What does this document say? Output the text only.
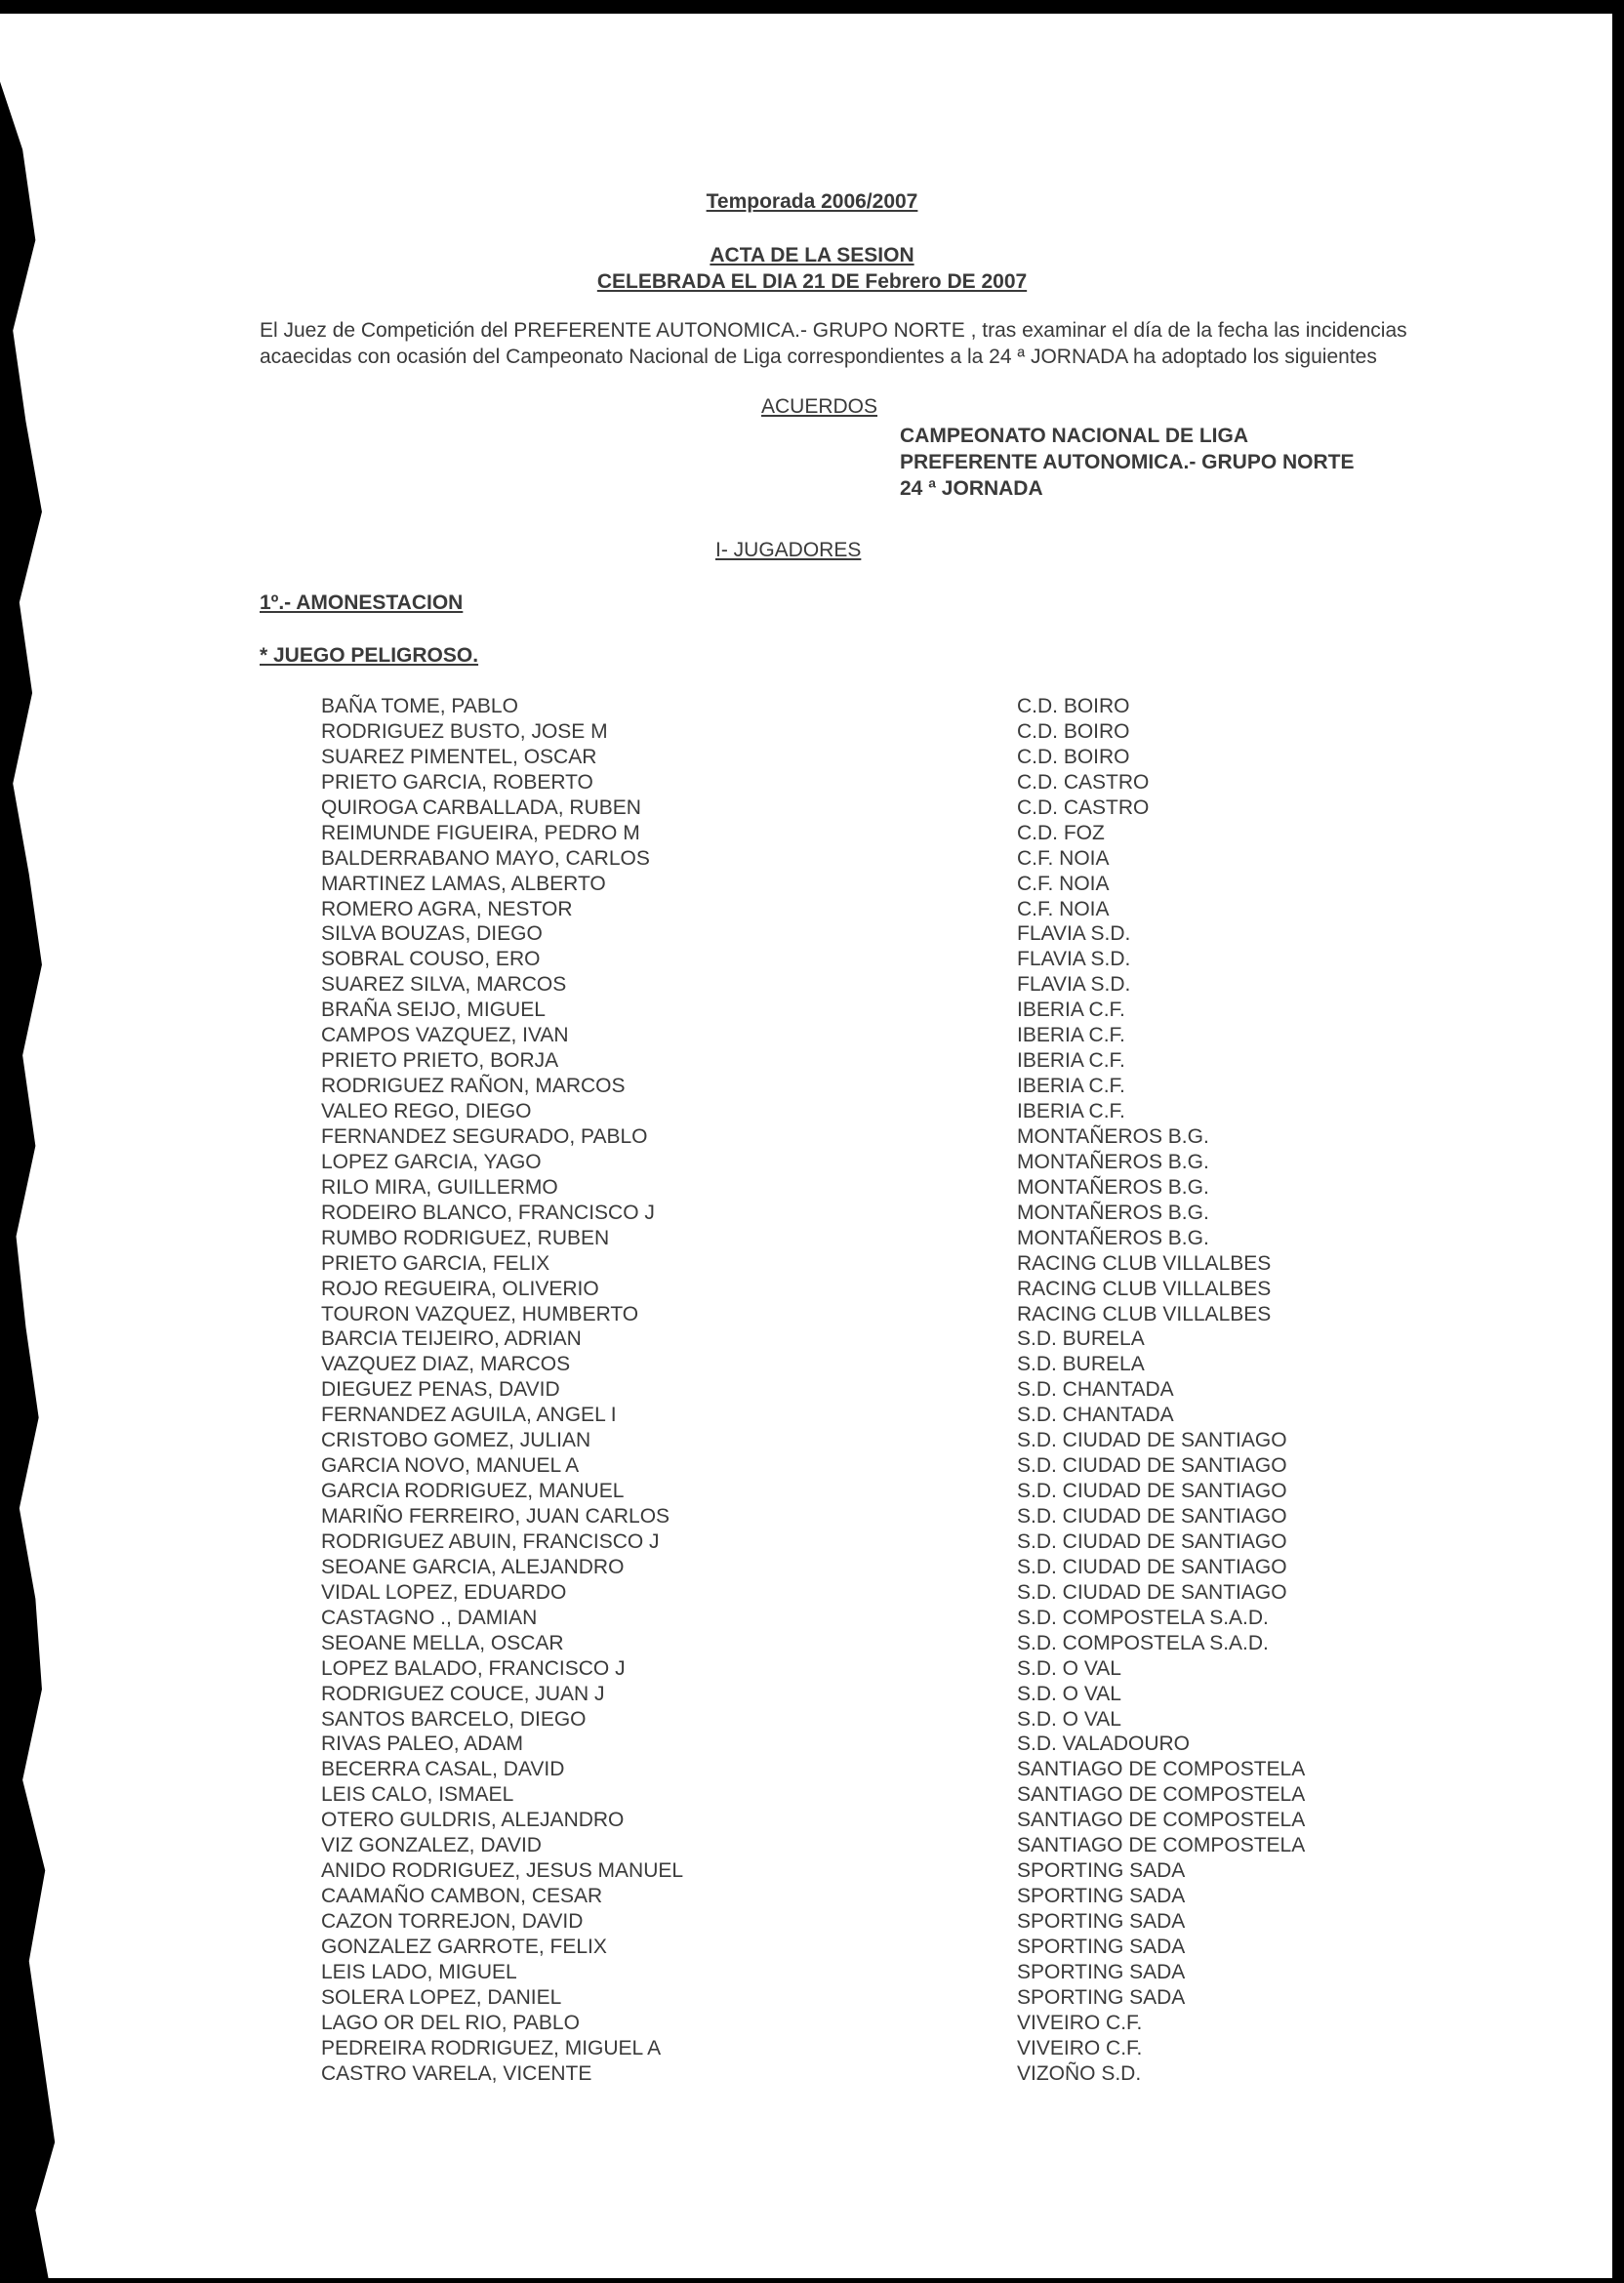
Temporada 2006/2007
ACTA DE LA SESION
CELEBRADA EL DIA 21 DE Febrero DE 2007
El Juez de Competición del PREFERENTE AUTONOMICA.- GRUPO NORTE , tras examinar el día de la fecha las incidencias
acaecidas con ocasión del Campeonato Nacional de Liga correspondientes a la 24 ª JORNADA ha adoptado los siguientes
ACUERDOS
CAMPEONATO NACIONAL DE LIGA
PREFERENTE AUTONOMICA.- GRUPO NORTE
24 ª JORNADA
I- JUGADORES
1º.- AMONESTACION
* JUEGO PELIGROSO.
BAÑA TOME, PABLO	C.D. BOIRO
RODRIGUEZ BUSTO, JOSE M	C.D. BOIRO
SUAREZ PIMENTEL, OSCAR	C.D. BOIRO
PRIETO GARCIA, ROBERTO	C.D. CASTRO
QUIROGA CARBALLADA, RUBEN	C.D. CASTRO
REIMUNDE FIGUEIRA, PEDRO M	C.D. FOZ
BALDERRABANO MAYO, CARLOS	C.F. NOIA
MARTINEZ LAMAS, ALBERTO	C.F. NOIA
ROMERO AGRA, NESTOR	C.F. NOIA
SILVA BOUZAS, DIEGO	FLAVIA S.D.
SOBRAL COUSO, ERO	FLAVIA S.D.
SUAREZ SILVA, MARCOS	FLAVIA S.D.
BRAÑA SEIJO, MIGUEL	IBERIA C.F.
CAMPOS VAZQUEZ, IVAN	IBERIA C.F.
PRIETO PRIETO, BORJA	IBERIA C.F.
RODRIGUEZ RAÑON, MARCOS	IBERIA C.F.
VALEO REGO, DIEGO	IBERIA C.F.
FERNANDEZ SEGURADO, PABLO	MONTAÑEROS B.G.
LOPEZ GARCIA, YAGO	MONTAÑEROS B.G.
RILO MIRA, GUILLERMO	MONTAÑEROS B.G.
RODEIRO BLANCO, FRANCISCO J	MONTAÑEROS B.G.
RUMBO RODRIGUEZ, RUBEN	MONTAÑEROS B.G.
PRIETO GARCIA, FELIX	RACING CLUB VILLALBES
ROJO REGUEIRA, OLIVERIO	RACING CLUB VILLALBES
TOURON VAZQUEZ, HUMBERTO	RACING CLUB VILLALBES
BARCIA TEIJEIRO, ADRIAN	S.D. BURELA
VAZQUEZ DIAZ, MARCOS	S.D. BURELA
DIEGUEZ PENAS, DAVID	S.D. CHANTADA
FERNANDEZ AGUILA, ANGEL I	S.D. CHANTADA
CRISTOBO GOMEZ, JULIAN	S.D. CIUDAD DE SANTIAGO
GARCIA NOVO, MANUEL A	S.D. CIUDAD DE SANTIAGO
GARCIA RODRIGUEZ, MANUEL	S.D. CIUDAD DE SANTIAGO
MARIÑO FERREIRO, JUAN CARLOS	S.D. CIUDAD DE SANTIAGO
RODRIGUEZ ABUIN, FRANCISCO J	S.D. CIUDAD DE SANTIAGO
SEOANE GARCIA, ALEJANDRO	S.D. CIUDAD DE SANTIAGO
VIDAL LOPEZ, EDUARDO	S.D. CIUDAD DE SANTIAGO
CASTAGNO ., DAMIAN	S.D. COMPOSTELA S.A.D.
SEOANE MELLA, OSCAR	S.D. COMPOSTELA S.A.D.
LOPEZ BALADO, FRANCISCO J	S.D. O VAL
RODRIGUEZ COUCE, JUAN J	S.D. O VAL
SANTOS BARCELO, DIEGO	S.D. O VAL
RIVAS PALEO, ADAM	S.D. VALADOURO
BECERRA CASAL, DAVID	SANTIAGO DE COMPOSTELA
LEIS CALO, ISMAEL	SANTIAGO DE COMPOSTELA
OTERO GULDRIS, ALEJANDRO	SANTIAGO DE COMPOSTELA
VIZ GONZALEZ, DAVID	SANTIAGO DE COMPOSTELA
ANIDO RODRIGUEZ, JESUS MANUEL	SPORTING SADA
CAAMAÑO CAMBON, CESAR	SPORTING SADA
CAZON TORREJON, DAVID	SPORTING SADA
GONZALEZ GARROTE, FELIX	SPORTING SADA
LEIS LADO, MIGUEL	SPORTING SADA
SOLERA LOPEZ, DANIEL	SPORTING SADA
LAGO OR DEL RIO, PABLO	VIVEIRO C.F.
PEDREIRA RODRIGUEZ, MIGUEL A	VIVEIRO C.F.
CASTRO VARELA, VICENTE	VIZOÑO S.D.
